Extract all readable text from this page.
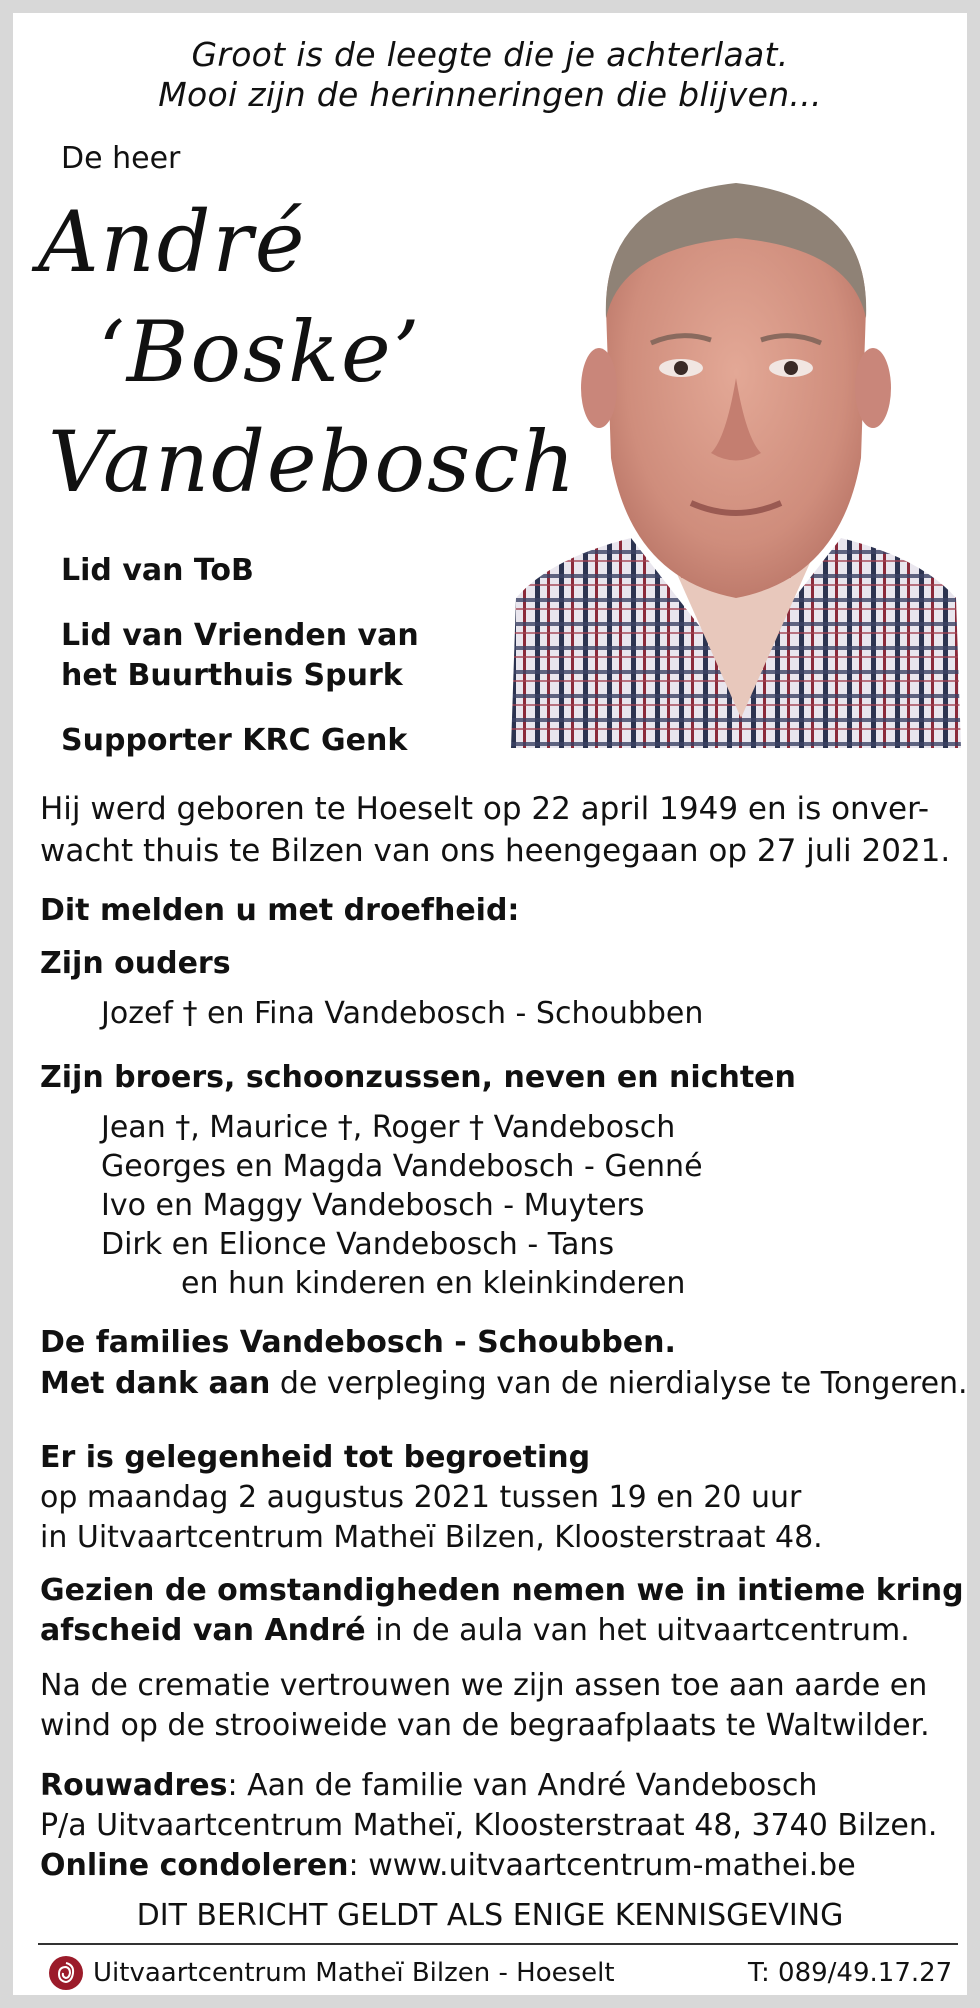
Groot is de leegte die je achterlaat.
Mooi zijn de herinneringen die blijven...
De heer
André
‘Boske’
Vandebosch
Lid van ToB
Lid van Vrienden van
het Buurthuis Spurk
Supporter KRC Genk
Hij werd geboren te Hoeselt op 22 april 1949 en is onver-
wacht thuis te Bilzen van ons heengegaan op 27 juli 2021.
Dit melden u met droefheid:
Zijn ouders
Jozef † en Fina Vandebosch - Schoubben
Zijn broers, schoonzussen, neven en nichten
Jean †, Maurice †, Roger † Vandebosch
Georges en Magda Vandebosch - Genné
Ivo en Maggy Vandebosch - Muyters
Dirk en Elionce Vandebosch - Tans
en hun kinderen en kleinkinderen
De families Vandebosch - Schoubben.
Met dank aan de verpleging van de nierdialyse te Tongeren.
Er is gelegenheid tot begroeting
op maandag 2 augustus 2021 tussen 19 en 20 uur
in Uitvaartcentrum Matheï Bilzen, Kloosterstraat 48.
Gezien de omstandigheden nemen we in intieme kring
afscheid van André in de aula van het uitvaartcentrum.
Na de crematie vertrouwen we zijn assen toe aan aarde en
wind op de strooiweide van de begraafplaats te Waltwilder.
Rouwadres: Aan de familie van André Vandebosch
P/a Uitvaartcentrum Matheï, Kloosterstraat 48, 3740 Bilzen.
Online condoleren: www.uitvaartcentrum-mathei.be
DIT BERICHT GELDT ALS ENIGE KENNISGEVING
Uitvaartcentrum Matheï Bilzen - Hoeselt	T: 089/49.17.27
